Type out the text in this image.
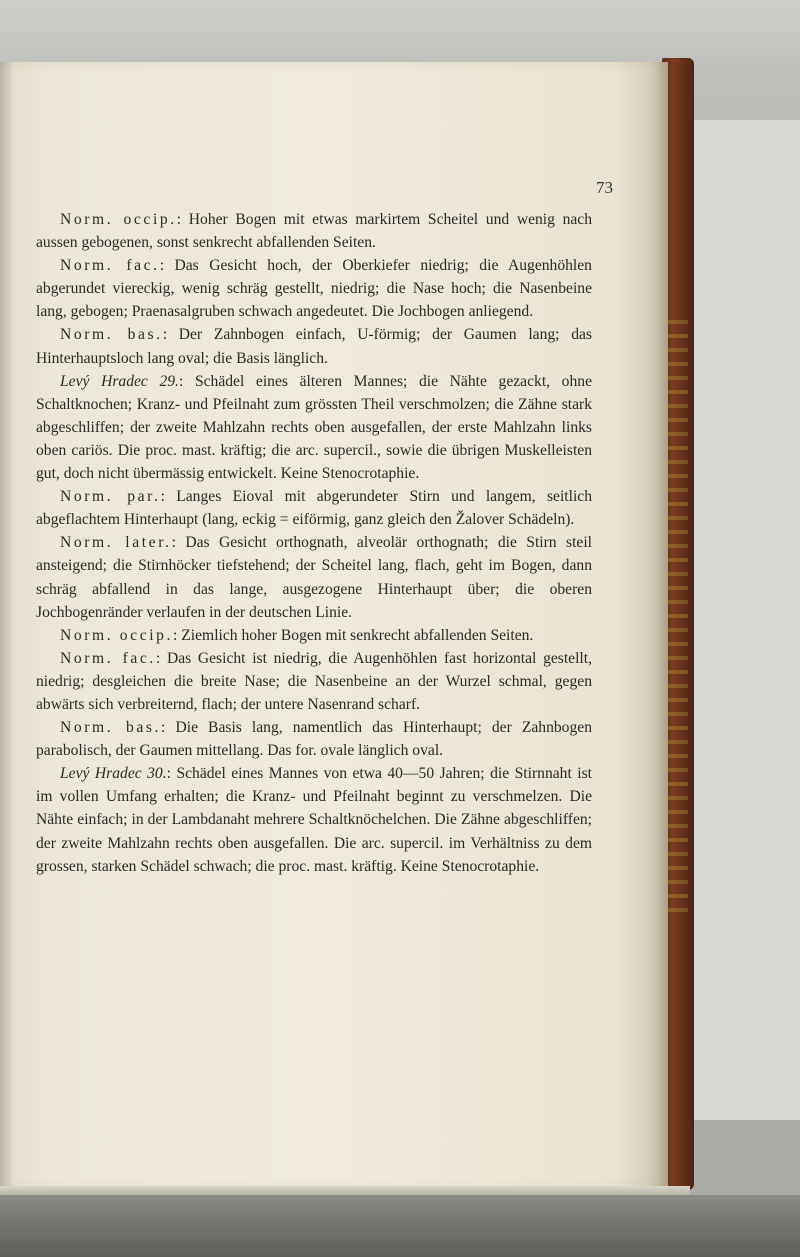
73

Norm. occip.: Hoher Bogen mit etwas markirtem Scheitel und wenig nach aussen gebogenen, sonst senkrecht abfallenden Seiten.

Norm. fac.: Das Gesicht hoch, der Oberkiefer niedrig; die Augenhöhlen abgerundet viereckig, wenig schräg gestellt, niedrig; die Nase hoch; die Nasenbeine lang, gebogen; Praenasalgruben schwach angedeutet. Die Jochbogen anliegend.

Norm. bas.: Der Zahnbogen einfach, U-förmig; der Gaumen lang; das Hinterhauptsloch lang oval; die Basis länglich.

Levý Hradec 29.: Schädel eines älteren Mannes; die Nähte gezackt, ohne Schaltknochen; Kranz- und Pfeilnaht zum grössten Theil verschmolzen; die Zähne stark abgeschliffen; der zweite Mahlzahn rechts oben ausgefallen, der erste Mahlzahn links oben cariös. Die proc. mast. kräftig; die arc. supercil., sowie die übrigen Muskelleisten gut, doch nicht übermässig entwickelt. Keine Stenocrotaphie.

Norm. par.: Langes Eioval mit abgerundeter Stirn und langem, seitlich abgeflachtem Hinterhaupt (lang, eckig = eiförmig, ganz gleich den Žalover Schädeln).

Norm. later.: Das Gesicht orthognath, alveolär orthognath; die Stirn steil ansteigend; die Stirnhöcker tiefstehend; der Scheitel lang, flach, geht im Bogen, dann schräg abfallend in das lange, ausgezogene Hinterhaupt über; die oberen Jochbogenränder verlaufen in der deutschen Linie.

Norm. occip.: Ziemlich hoher Bogen mit senkrecht abfallenden Seiten.

Norm. fac.: Das Gesicht ist niedrig, die Augenhöhlen fast horizontal gestellt, niedrig; desgleichen die breite Nase; die Nasenbeine an der Wurzel schmal, gegen abwärts sich verbreiternd, flach; der untere Nasenrand scharf.

Norm. bas.: Die Basis lang, namentlich das Hinterhaupt; der Zahnbogen parabolisch, der Gaumen mittellang. Das for. ovale länglich oval.

Levý Hradec 30.: Schädel eines Mannes von etwa 40—50 Jahren; die Stirnnaht ist im vollen Umfang erhalten; die Kranz- und Pfeilnaht beginnt zu verschmelzen. Die Nähte einfach; in der Lambdanaht mehrere Schaltknöchelchen. Die Zähne abgeschliffen; der zweite Mahlzahn rechts oben ausgefallen. Die arc. supercil. im Verhältniss zu dem grossen, starken Schädel schwach; die proc. mast. kräftig. Keine Stenocrotaphie.
